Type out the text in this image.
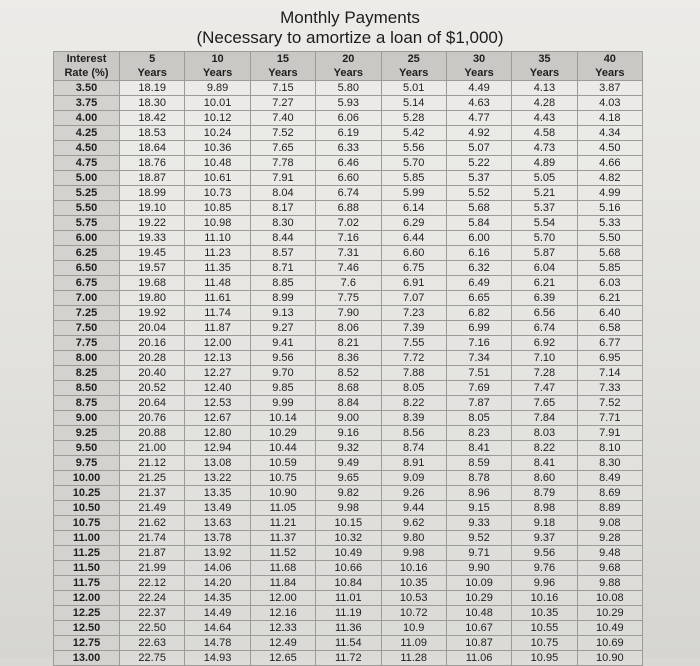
Monthly Payments
(Necessary to amortize a loan of $1,000)
Interest	5	10	15	20	25	30	35	40
Rate (%)	Years	Years	Years	Years	Years	Years	Years	Years
3.50	18.19	9.89	7.15	5.80	5.01	4.49	4.13	3.87
3.75	18.30	10.01	7.27	5.93	5.14	4.63	4.28	4.03
4.00	18.42	10.12	7.40	6.06	5.28	4.77	4.43	4.18
4.25	18.53	10.24	7.52	6.19	5.42	4.92	4.58	4.34
4.50	18.64	10.36	7.65	6.33	5.56	5.07	4.73	4.50
4.75	18.76	10.48	7.78	6.46	5.70	5.22	4.89	4.66
5.00	18.87	10.61	7.91	6.60	5.85	5.37	5.05	4.82
5.25	18.99	10.73	8.04	6.74	5.99	5.52	5.21	4.99
5.50	19.10	10.85	8.17	6.88	6.14	5.68	5.37	5.16
5.75	19.22	10.98	8.30	7.02	6.29	5.84	5.54	5.33
6.00	19.33	11.10	8.44	7.16	6.44	6.00	5.70	5.50
6.25	19.45	11.23	8.57	7.31	6.60	6.16	5.87	5.68
6.50	19.57	11.35	8.71	7.46	6.75	6.32	6.04	5.85
6.75	19.68	11.48	8.85	7.6	6.91	6.49	6.21	6.03
7.00	19.80	11.61	8.99	7.75	7.07	6.65	6.39	6.21
7.25	19.92	11.74	9.13	7.90	7.23	6.82	6.56	6.40
7.50	20.04	11.87	9.27	8.06	7.39	6.99	6.74	6.58
7.75	20.16	12.00	9.41	8.21	7.55	7.16	6.92	6.77
8.00	20.28	12.13	9.56	8.36	7.72	7.34	7.10	6.95
8.25	20.40	12.27	9.70	8.52	7.88	7.51	7.28	7.14
8.50	20.52	12.40	9.85	8.68	8.05	7.69	7.47	7.33
8.75	20.64	12.53	9.99	8.84	8.22	7.87	7.65	7.52
9.00	20.76	12.67	10.14	9.00	8.39	8.05	7.84	7.71
9.25	20.88	12.80	10.29	9.16	8.56	8.23	8.03	7.91
9.50	21.00	12.94	10.44	9.32	8.74	8.41	8.22	8.10
9.75	21.12	13.08	10.59	9.49	8.91	8.59	8.41	8.30
10.00	21.25	13.22	10.75	9.65	9.09	8.78	8.60	8.49
10.25	21.37	13.35	10.90	9.82	9.26	8.96	8.79	8.69
10.50	21.49	13.49	11.05	9.98	9.44	9.15	8.98	8.89
10.75	21.62	13.63	11.21	10.15	9.62	9.33	9.18	9.08
11.00	21.74	13.78	11.37	10.32	9.80	9.52	9.37	9.28
11.25	21.87	13.92	11.52	10.49	9.98	9.71	9.56	9.48
11.50	21.99	14.06	11.68	10.66	10.16	9.90	9.76	9.68
11.75	22.12	14.20	11.84	10.84	10.35	10.09	9.96	9.88
12.00	22.24	14.35	12.00	11.01	10.53	10.29	10.16	10.08
12.25	22.37	14.49	12.16	11.19	10.72	10.48	10.35	10.29
12.50	22.50	14.64	12.33	11.36	10.9	10.67	10.55	10.49
12.75	22.63	14.78	12.49	11.54	11.09	10.87	10.75	10.69
13.00	22.75	14.93	12.65	11.72	11.28	11.06	10.95	10.90
